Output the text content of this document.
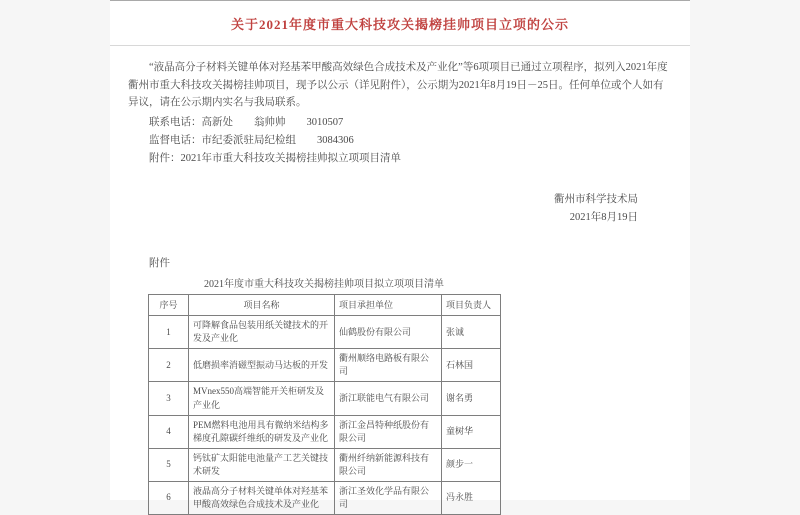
关于2021年度市重大科技攻关揭榜挂帅项目立项的公示

“液晶高分子材料关键单体对羟基苯甲酸高效绿色合成技术及产业化”等6项项目已通过立项程序，拟列入2021年度衢州市重大科技攻关揭榜挂帅项目，现予以公示（详见附件），公示期为2021年8月19日－25日。任何单位或个人如有异议，请在公示期内实名与我局联系。

联系电话：高新处　　翁帅帅　　3010507

监督电话：市纪委派驻局纪检组　　3084306

附件：2021年市重大科技攻关揭榜挂帅拟立项项目清单

衢州市科学技术局
2021年8月19日

附件

2021年度市重大科技攻关揭榜挂帅项目拟立项项目清单

序号	项目名称	项目承担单位	项目负责人
1	可降解食品包装用纸关键技术的开发及产业化	仙鹤股份有限公司	张诚
2	低磨损率消磁型振动马达板的开发	衢州顺络电路板有限公司	石林国
3	MVnex550高端智能开关柜研发及产业化	浙江联能电气有限公司	谢名勇
4	PEM燃料电池用具有微纳米结构多梯度孔隙碳纤维纸的研发及产业化	浙江金昌特种纸股份有限公司	童树华
5	钙钛矿太阳能电池量产工艺关键技术研发	衢州纤纳新能源科技有限公司	颜步一
6	液晶高分子材料关键单体对羟基苯甲酸高效绿色合成技术及产业化	浙江圣效化学品有限公司	冯永胜
